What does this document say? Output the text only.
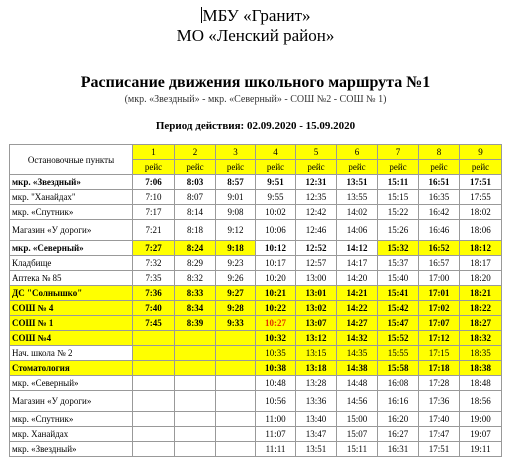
МБУ «Гранит»
МО «Ленский район»
Расписание движения школьного маршрута №1
(мкр. «Звездный» - мкр. «Северный» - СОШ №2 - СОШ № 1)
Период действия: 02.09.2020 - 15.09.2020
Остановочные пункты	1	2	3	4	5	6	7	8	9
	рейс	рейс	рейс	рейс	рейс	рейс	рейс	рейс	рейс
мкр. «Звездный»	7:06	8:03	8:57	9:51	12:31	13:51	15:11	16:51	17:51
мкр. "Ханайдах"	7:10	8:07	9:01	9:55	12:35	13:55	15:15	16:35	17:55
мкр. «Спутник»	7:17	8:14	9:08	10:02	12:42	14:02	15:22	16:42	18:02
Магазин «У дороги»	7:21	8:18	9:12	10:06	12:46	14:06	15:26	16:46	18:06
мкр. «Северный»	7:27	8:24	9:18	10:12	12:52	14:12	15:32	16:52	18:12
Кладбище	7:32	8:29	9:23	10:17	12:57	14:17	15:37	16:57	18:17
Аптека № 85	7:35	8:32	9:26	10:20	13:00	14:20	15:40	17:00	18:20
ДС "Солнышко"	7:36	8:33	9:27	10:21	13:01	14:21	15:41	17:01	18:21
СОШ № 4	7:40	8:34	9:28	10:22	13:02	14:22	15:42	17:02	18:22
СОШ № 1	7:45	8:39	9:33	10:27	13:07	14:27	15:47	17:07	18:27
СОШ №4				10:32	13:12	14:32	15:52	17:12	18:32
Нач. школа № 2				10:35	13:15	14:35	15:55	17:15	18:35
Стоматология				10:38	13:18	14:38	15:58	17:18	18:38
мкр. «Северный»				10:48	13:28	14:48	16:08	17:28	18:48
Магазин «У дороги»				10:56	13:36	14:56	16:16	17:36	18:56
мкр. «Спутник»				11:00	13:40	15:00	16:20	17:40	19:00
мкр. Ханайдах				11:07	13:47	15:07	16:27	17:47	19:07
мкр. «Звездный»				11:11	13:51	15:11	16:31	17:51	19:11
